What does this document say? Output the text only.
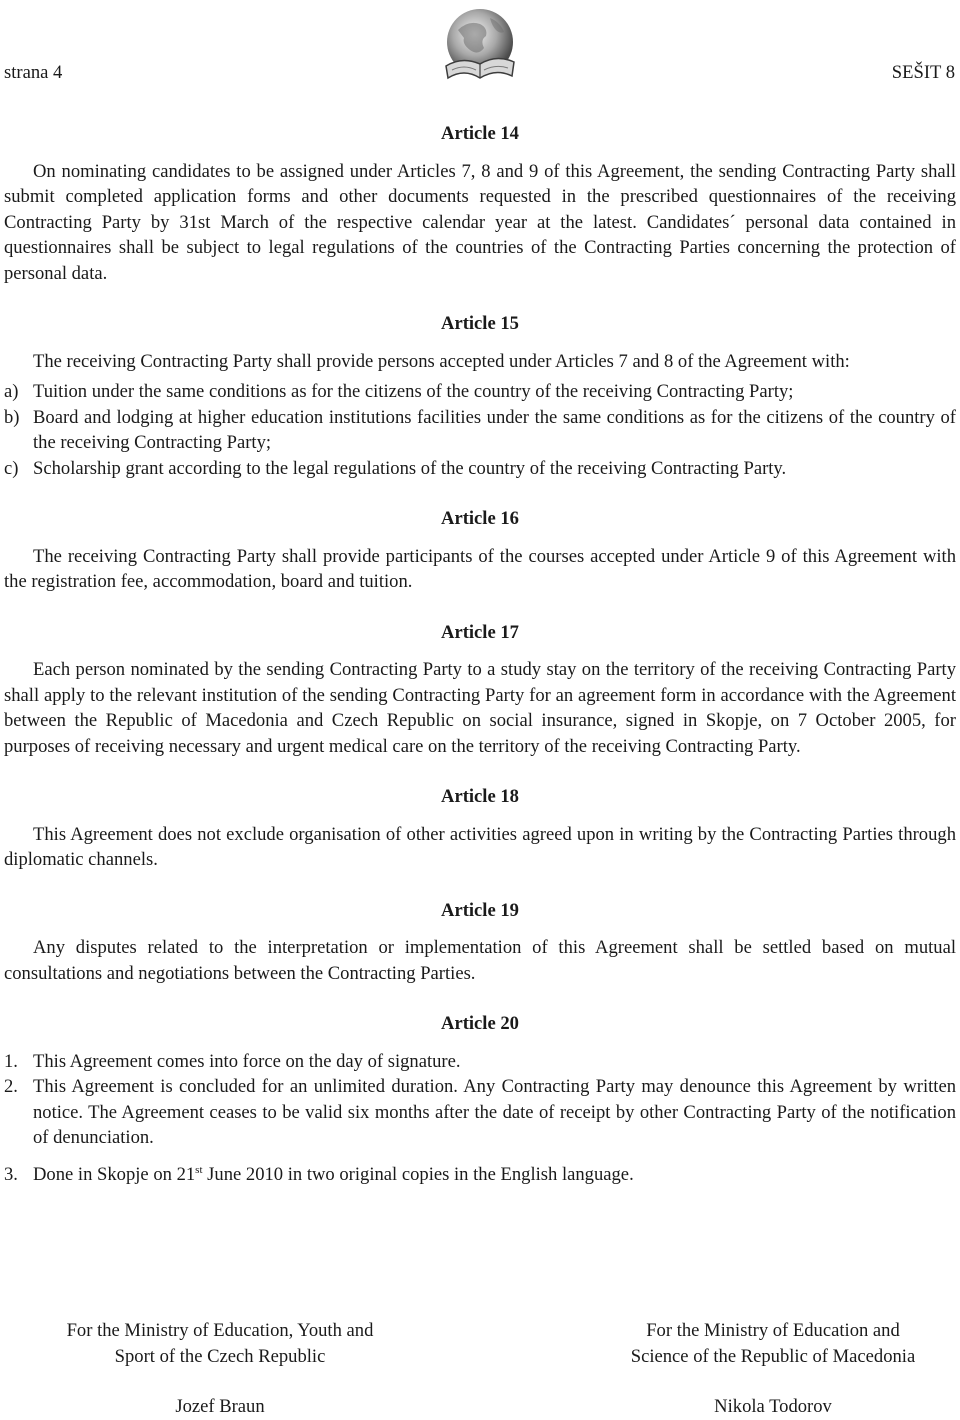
strana 4	SEŠIT 8
Article 14

On nominating candidates to be assigned under Articles 7, 8 and 9 of this Agreement, the sending Contracting Party shall submit completed application forms and other documents requested in the prescribed questionnaires of the receiving Contracting Party by 31st March of the respective calendar year at the latest. Candidates´ personal data contained in questionnaires shall be subject to legal regulations of the countries of the Contracting Parties concerning the protection of personal data.

Article 15

The receiving Contracting Party shall provide persons accepted under Articles 7 and 8 of the Agreement with:

a) Tuition under the same conditions as for the citizens of the country of the receiving Contracting Party;
b) Board and lodging at higher education institutions facilities under the same conditions as for the citizens of the country of the receiving Contracting Party;
c) Scholarship grant according to the legal regulations of the country of the receiving Contracting Party.
Article 16

The receiving Contracting Party shall provide participants of the courses accepted under Article 9 of this Agreement with the registration fee, accommodation, board and tuition.

Article 17

Each person nominated by the sending Contracting Party to a study stay on the territory of the receiving Contracting Party shall apply to the relevant institution of the sending Contracting Party for an agreement form in accordance with the Agreement between the Republic of Macedonia and Czech Republic on social insurance, signed in Skopje, on 7 October 2005, for purposes of receiving necessary and urgent medical care on the territory of the receiving Contracting Party.

Article 18

This Agreement does not exclude organisation of other activities agreed upon in writing by the Contracting Parties through diplomatic channels.

Article 19

Any disputes related to the interpretation or implementation of this Agreement shall be settled based on mutual consultations and negotiations between the Contracting Parties.

Article 20
1. This Agreement comes into force on the day of signature.
2. This Agreement is concluded for an unlimited duration. Any Contracting Party may denounce this Agreement by written notice. The Agreement ceases to be valid six months after the date of receipt by other Contracting Party of the notification of denunciation.
3. Done in Skopje on 21st June 2010 in two original copies in the English language.
For the Ministry of Education, Youth and
Sport of the Czech Republic
Jozef Braun
For the Ministry of Education and
Science of the Republic of Macedonia
Nikola Todorov
